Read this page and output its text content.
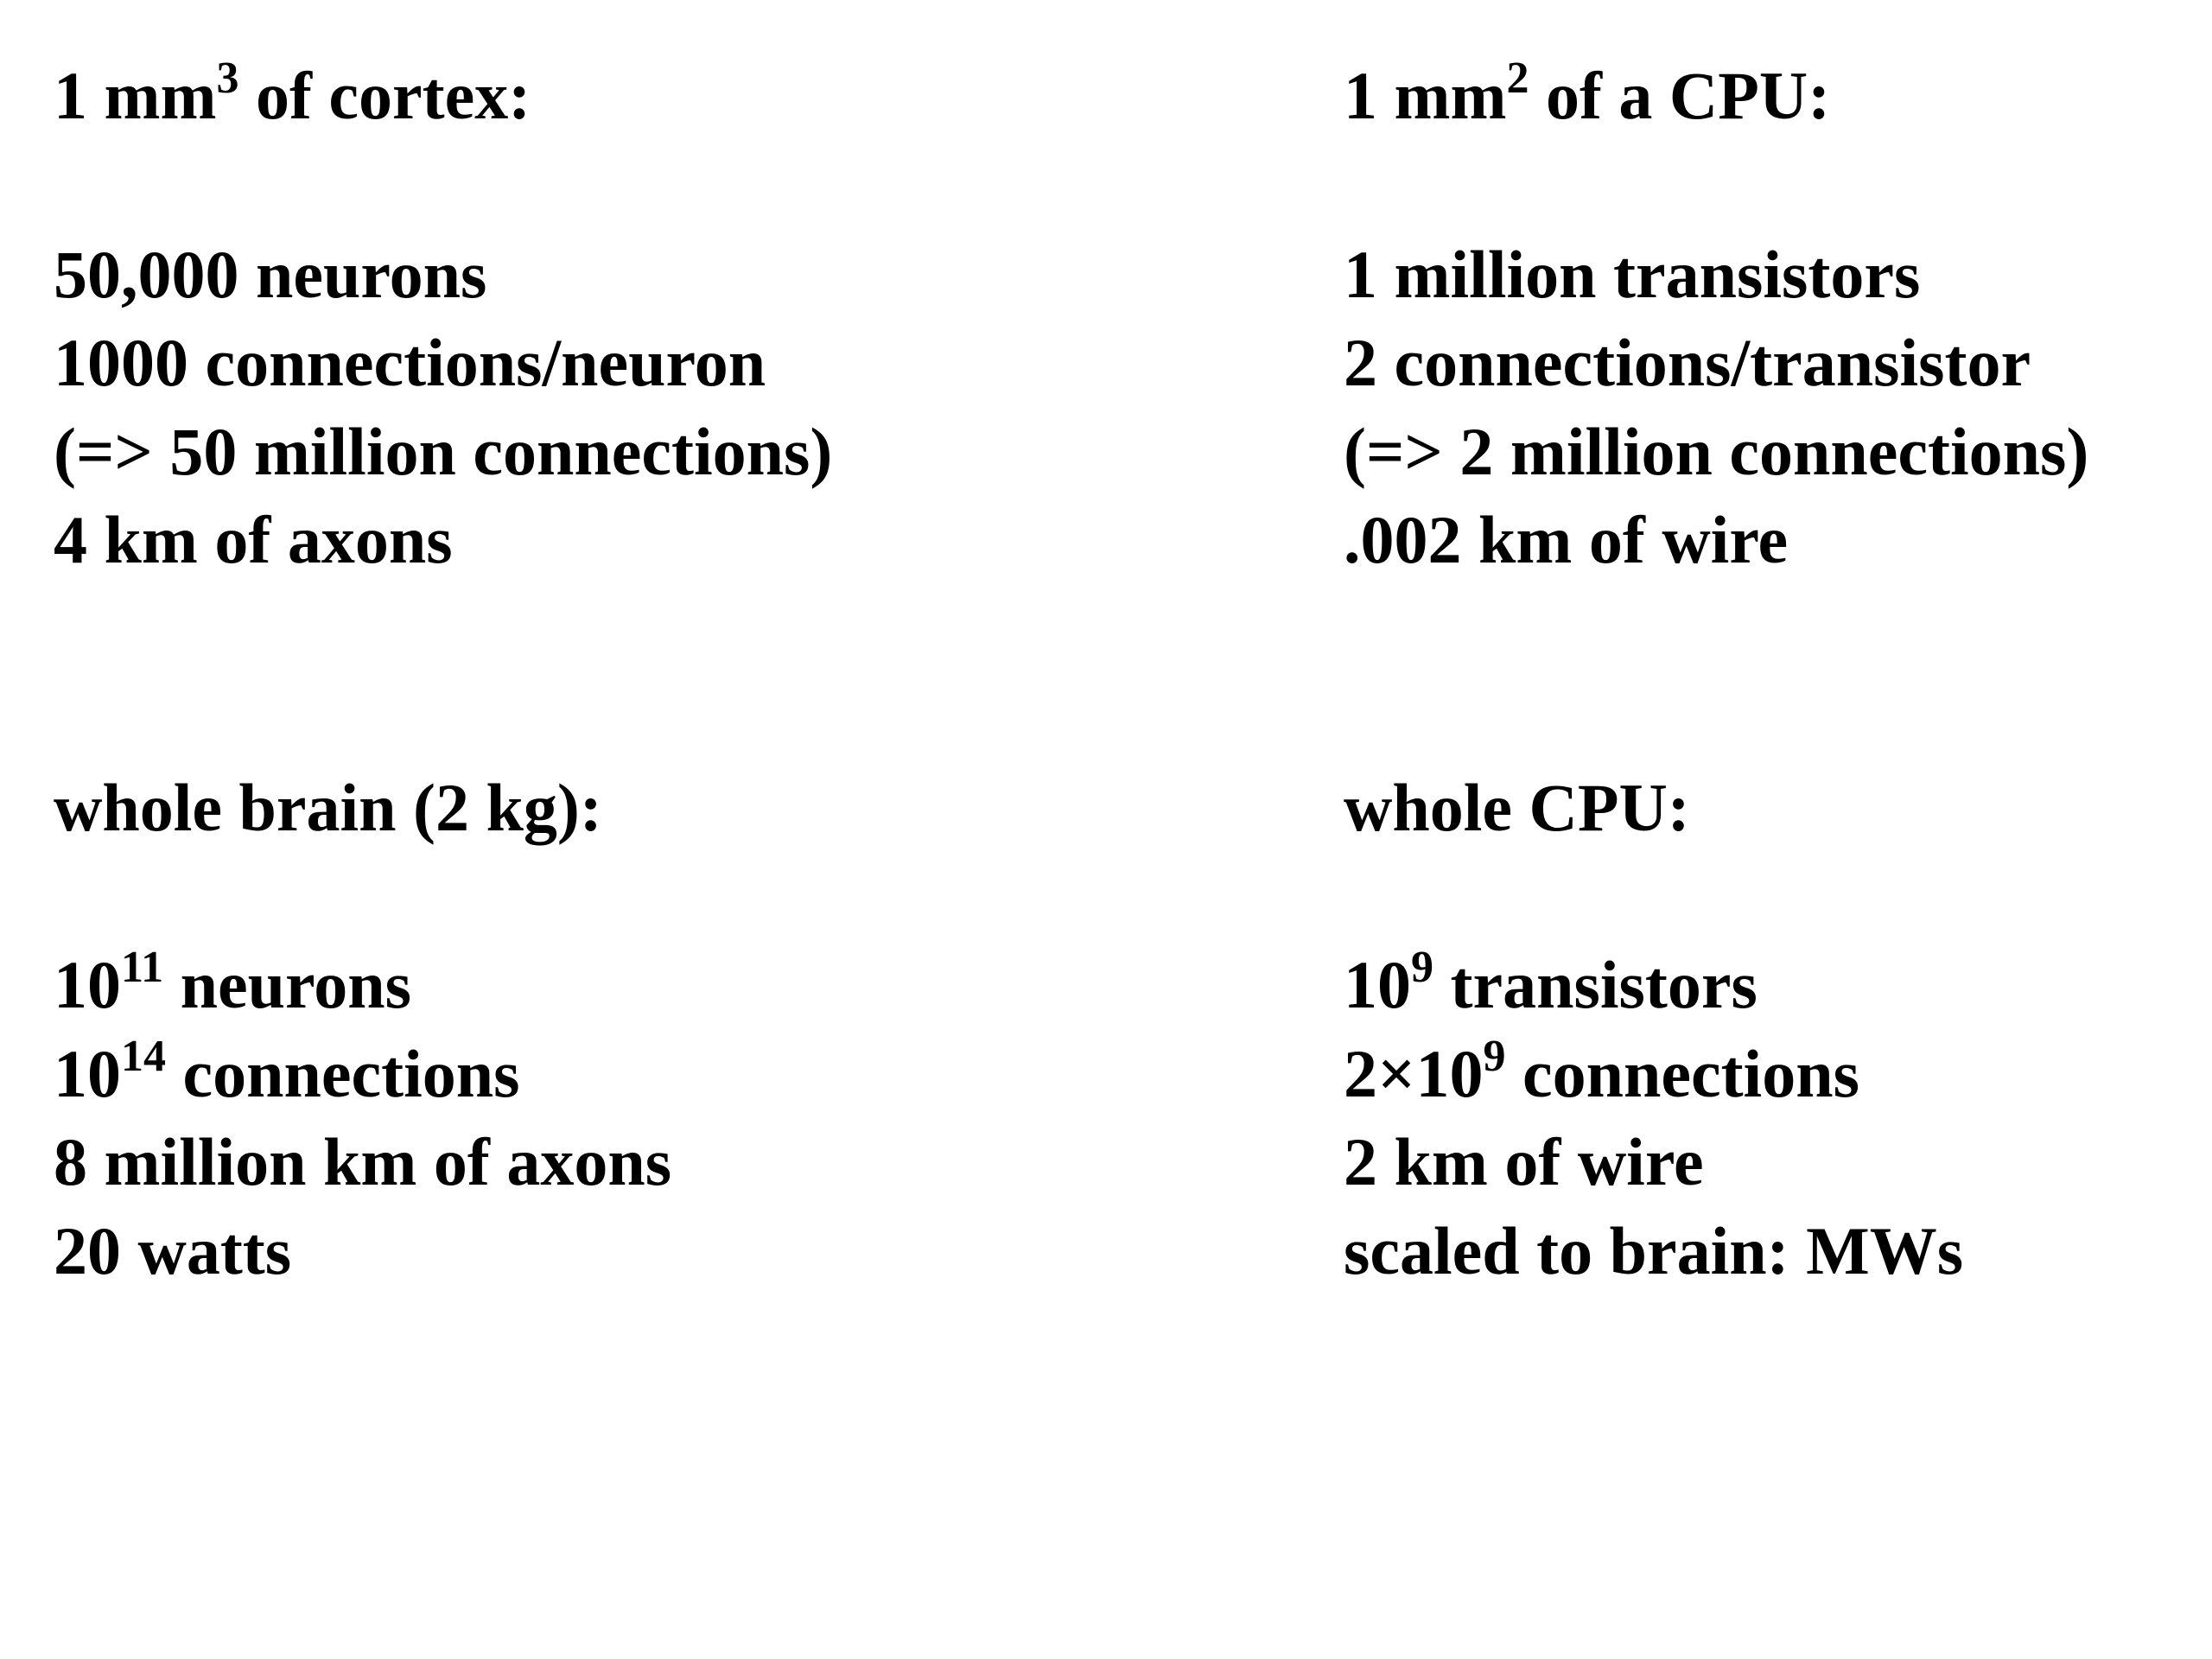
1 $mm^3$ of cortex:
50,000 neurons
1000 connections/neuron
(=> 50 million connections)
4 km of axons
whole brain (2 kg):
$10^{11}$ neurons
$10^{14}$ connections
8 million km of axons
20 watts
1 $mm^2$ of a CPU:
1 million transistors
2 connections/transistor
(=> 2 million connections)
.002 km of wire
whole CPU:
$10^9$ transistors
$2\times 10^9$ connections
2 km of wire
scaled to brain: MWs
